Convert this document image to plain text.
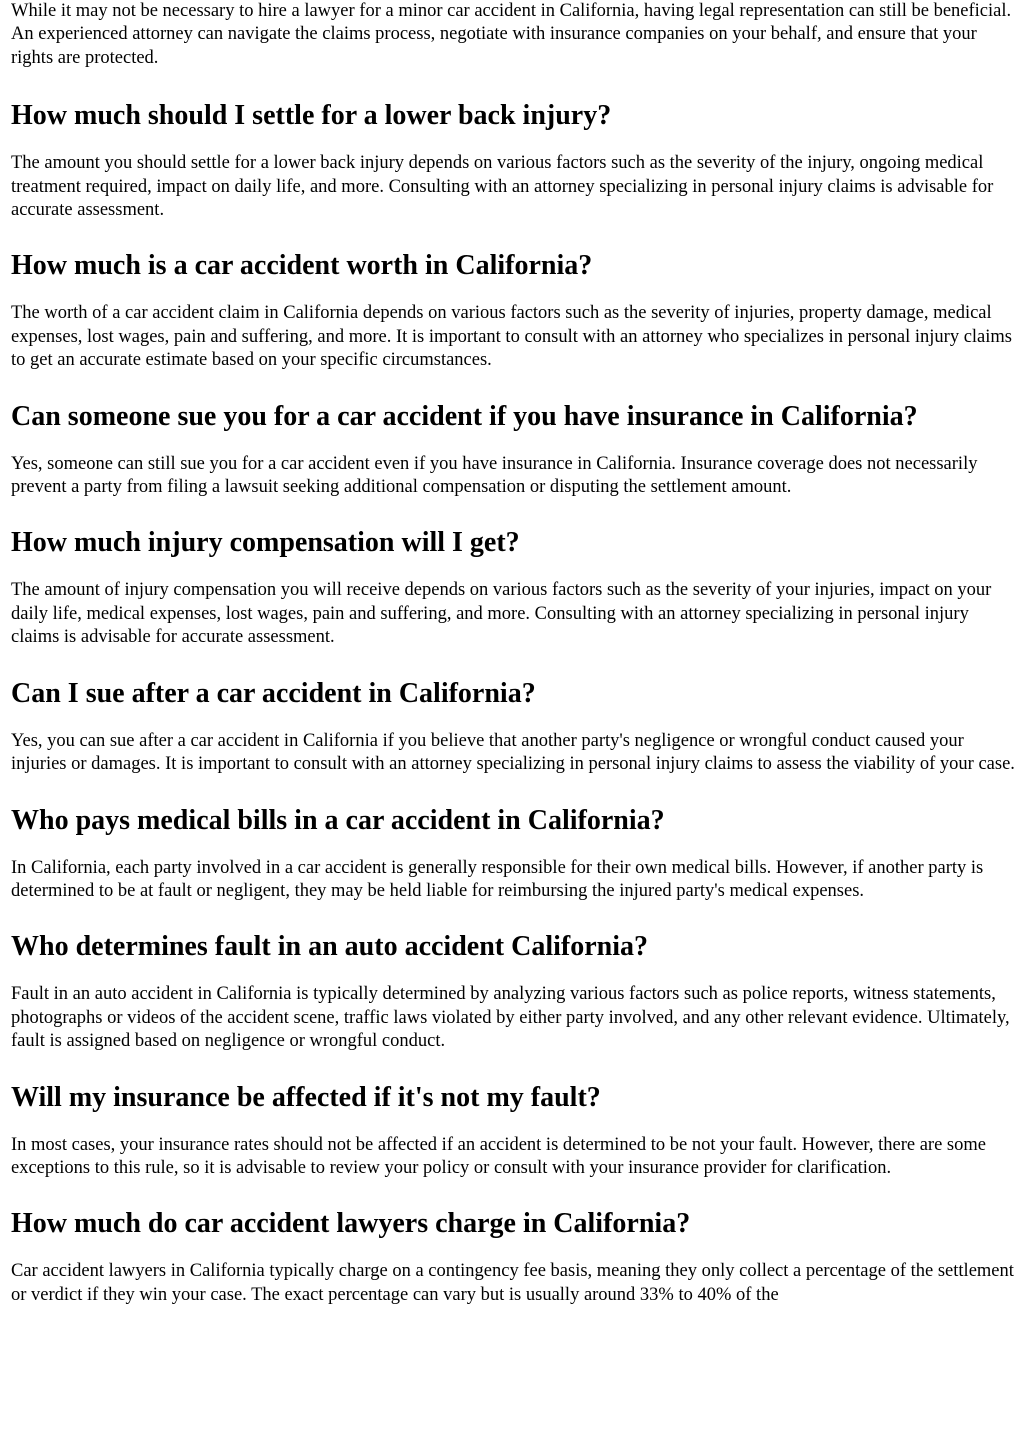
While it may not be necessary to hire a lawyer for a minor car accident in California, having legal representation can still be beneficial. An experienced attorney can navigate the claims process, negotiate with insurance companies on your behalf, and ensure that your rights are protected.

How much should I settle for a lower back injury?

The amount you should settle for a lower back injury depends on various factors such as the severity of the injury, ongoing medical treatment required, impact on daily life, and more. Consulting with an attorney specializing in personal injury claims is advisable for accurate assessment.

How much is a car accident worth in California?

The worth of a car accident claim in California depends on various factors such as the severity of injuries, property damage, medical expenses, lost wages, pain and suffering, and more. It is important to consult with an attorney who specializes in personal injury claims to get an accurate estimate based on your specific circumstances.

Can someone sue you for a car accident if you have insurance in California?

Yes, someone can still sue you for a car accident even if you have insurance in California. Insurance coverage does not necessarily prevent a party from filing a lawsuit seeking additional compensation or disputing the settlement amount.

How much injury compensation will I get?

The amount of injury compensation you will receive depends on various factors such as the severity of your injuries, impact on your daily life, medical expenses, lost wages, pain and suffering, and more. Consulting with an attorney specializing in personal injury claims is advisable for accurate assessment.

Can I sue after a car accident in California?

Yes, you can sue after a car accident in California if you believe that another party's negligence or wrongful conduct caused your injuries or damages. It is important to consult with an attorney specializing in personal injury claims to assess the viability of your case.

Who pays medical bills in a car accident in California?

In California, each party involved in a car accident is generally responsible for their own medical bills. However, if another party is determined to be at fault or negligent, they may be held liable for reimbursing the injured party's medical expenses.

Who determines fault in an auto accident California?

Fault in an auto accident in California is typically determined by analyzing various factors such as police reports, witness statements, photographs or videos of the accident scene, traffic laws violated by either party involved, and any other relevant evidence. Ultimately, fault is assigned based on negligence or wrongful conduct.

Will my insurance be affected if it's not my fault?

In most cases, your insurance rates should not be affected if an accident is determined to be not your fault. However, there are some exceptions to this rule, so it is advisable to review your policy or consult with your insurance provider for clarification.

How much do car accident lawyers charge in California?

Car accident lawyers in California typically charge on a contingency fee basis, meaning they only collect a percentage of the settlement or verdict if they win your case. The exact percentage can vary but is usually around 33% to 40% of the
